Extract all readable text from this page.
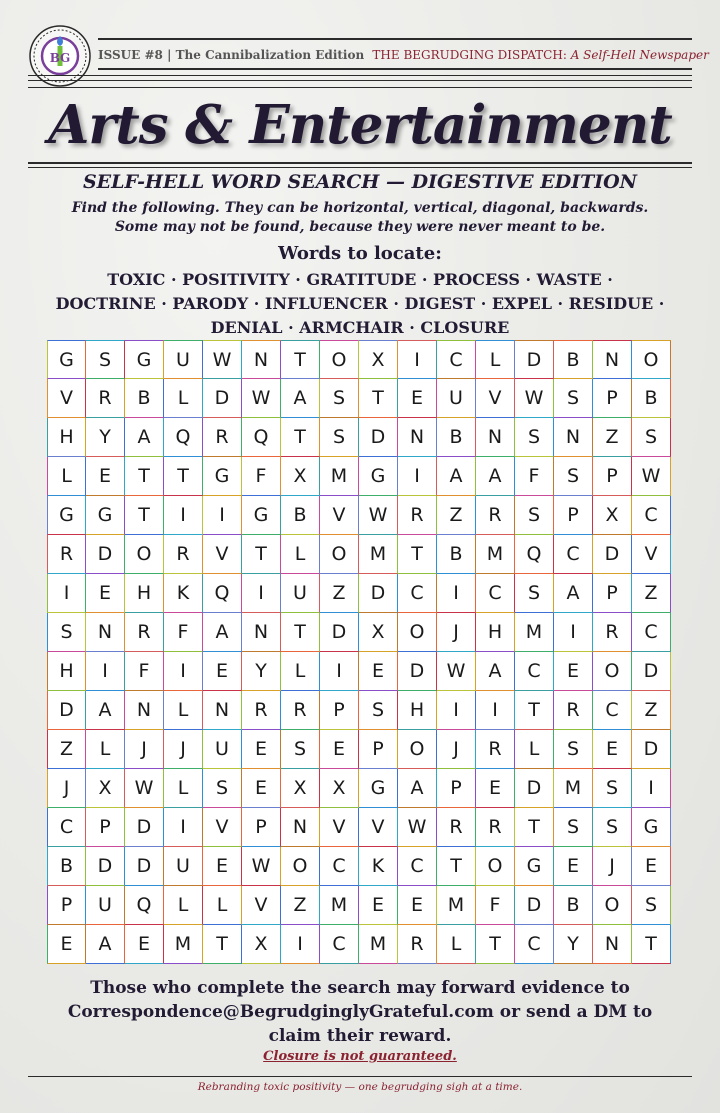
BG ISSUE #8 | The Cannibalization Edition THE BEGRUDGING DISPATCH: A Self-Hell Newspaper
Arts & Entertainment
SELF-HELL WORD SEARCH — DIGESTIVE EDITION
Find the following. They can be horizontal, vertical, diagonal, backwards.
Some may not be found, because they were never meant to be.
Words to locate:
TOXIC · POSITIVITY · GRATITUDE · PROCESS · WASTE ·
DOCTRINE · PARODY · INFLUENCER · DIGEST · EXPEL · RESIDUE ·
DENIAL · ARMCHAIR · CLOSURE
G	S	G	U	W	N	T	O	X	I	C	L	D	B	N	O
V	R	B	L	D	W	A	S	T	E	U	V	W	S	P	B
H	Y	A	Q	R	Q	T	S	D	N	B	N	S	N	Z	S
L	E	T	T	G	F	X	M	G	I	A	A	F	S	P	W
G	G	T	I	I	G	B	V	W	R	Z	R	S	P	X	C
R	D	O	R	V	T	L	O	M	T	B	M	Q	C	D	V
I	E	H	K	Q	I	U	Z	D	C	I	C	S	A	P	Z
S	N	R	F	A	N	T	D	X	O	J	H	M	I	R	C
H	I	F	I	E	Y	L	I	E	D	W	A	C	E	O	D
D	A	N	L	N	R	R	P	S	H	I	I	T	R	C	Z
Z	L	J	J	U	E	S	E	P	O	J	R	L	S	E	D
J	X	W	L	S	E	X	X	G	A	P	E	D	M	S	I
C	P	D	I	V	P	N	V	V	W	R	R	T	S	S	G
B	D	D	U	E	W	O	C	K	C	T	O	G	E	J	E
P	U	Q	L	L	V	Z	M	E	E	M	F	D	B	O	S
E	A	E	M	T	X	I	C	M	R	L	T	C	Y	N	T
Those who complete the search may forward evidence to
Correspondence@BegrudginglyGrateful.com or send a DM to
claim their reward.
Closure is not guaranteed.
Rebranding toxic positivity — one begrudging sigh at a time.
